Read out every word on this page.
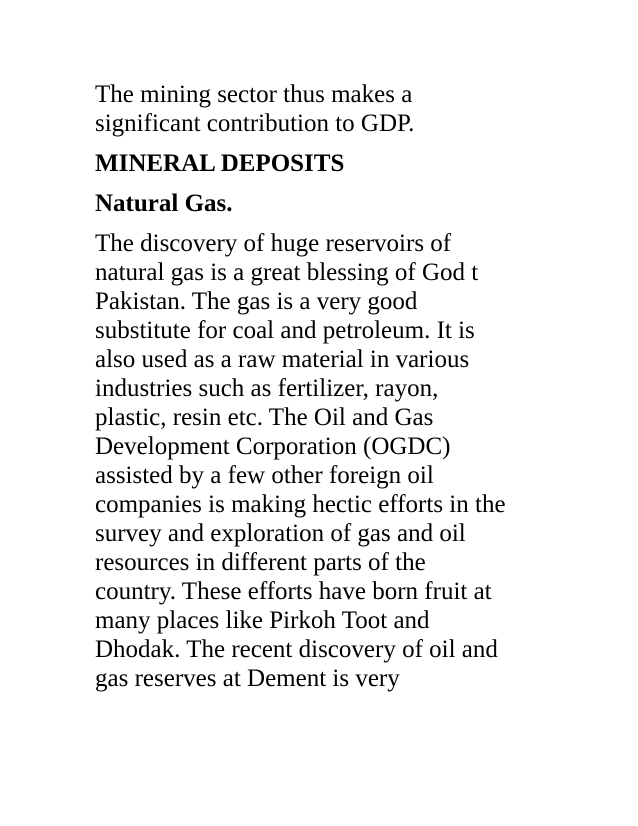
The mining sector thus makes a
significant contribution to GDP.

MINERAL DEPOSITS

Natural Gas.

The discovery of huge reservoirs of
natural gas is a great blessing of God t
Pakistan. The gas is a very good
substitute for coal and petroleum. It is
also used as a raw material in various
industries such as fertilizer, rayon,
plastic, resin etc. The Oil and Gas
Development Corporation (OGDC)
assisted by a few other foreign oil
companies is making hectic efforts in the
survey and exploration of gas and oil
resources in different parts of the
country. These efforts have born fruit at
many places like Pirkoh Toot and
Dhodak. The recent discovery of oil and
gas reserves at Dement is very
